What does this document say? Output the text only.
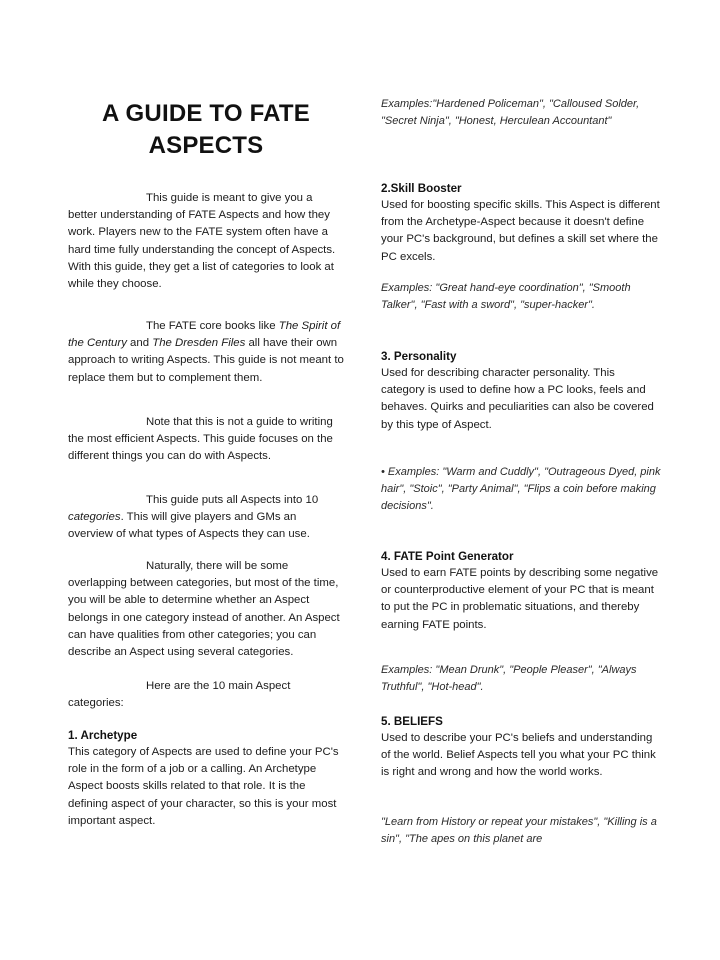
A GUIDE TO FATE ASPECTS

This guide is meant to give you a better understanding of FATE Aspects and how they work. Players new to the FATE system often have a hard time fully understanding the concept of Aspects. With this guide, they get a list of categories to look at while they choose.

The FATE core books like The Spirit of the Century and The Dresden Files all have their own approach to writing Aspects. This guide is not meant to replace them but to complement them.

Note that this is not a guide to writing the most efficient Aspects. This guide focuses on the different things you can do with Aspects.

This guide puts all Aspects into 10 categories. This will give players and GMs an overview of what types of Aspects they can use.

Naturally, there will be some overlapping between categories, but most of the time, you will be able to determine whether an Aspect belongs in one category instead of another. An Aspect can have qualities from other categories; you can describe an Aspect using several categories.

Here are the 10 main Aspect categories:

1. Archetype

This category of Aspects are used to define your PC's role in the form of a job or a calling. An Archetype Aspect boosts skills related to that role. It is the defining aspect of your character, so this is your most important aspect.

Examples:"Hardened Policeman", "Calloused Solder, "Secret Ninja", "Honest, Herculean Accountant"

2.Skill Booster

Used for boosting specific skills. This Aspect is different from the Archetype-Aspect because it doesn't define your PC's background, but defines a skill set where the PC excels.

Examples: "Great hand-eye coordination", "Smooth Talker", "Fast with a sword", "super-hacker".

3. Personality

Used for describing character personality. This category is used to define how a PC looks, feels and behaves. Quirks and peculiarities can also be covered by this type of Aspect.

• Examples: "Warm and Cuddly", "Outrageous Dyed, pink hair", "Stoic", "Party Animal", "Flips a coin before making decisions".

4. FATE Point Generator

Used to earn FATE points by describing some negative or counterproductive element of your PC that is meant to put the PC in problematic situations, and thereby earning FATE points.

Examples: "Mean Drunk", "People Pleaser", "Always Truthful", "Hot-head".

5. BELIEFS

Used to describe your PC's beliefs and understanding of the world. Belief Aspects tell you what your PC think is right and wrong and how the world works.

"Learn from History or repeat your mistakes", "Killing is a sin", "The apes on this planet are
